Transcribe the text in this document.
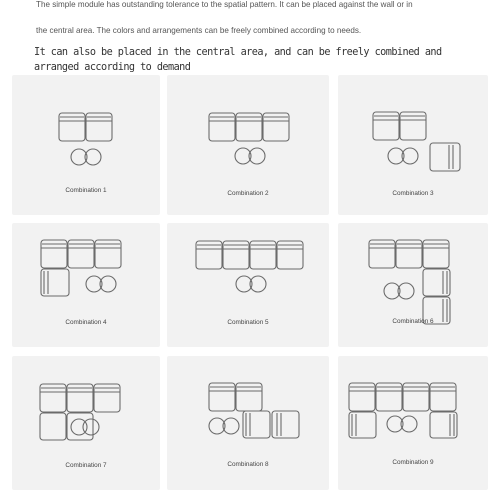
The simple module has outstanding tolerance to the spatial pattern. It can be placed against the wall or in
the central area. The colors and arrangements can be freely combined according to needs.
It can also be placed in the central area, and can be freely combined and
arranged according to demand
Combination 1	Combination 2	Combination 3
Combination 4	Combination 5	Combination 6
Combination 7	Combination 8	Combination 9
